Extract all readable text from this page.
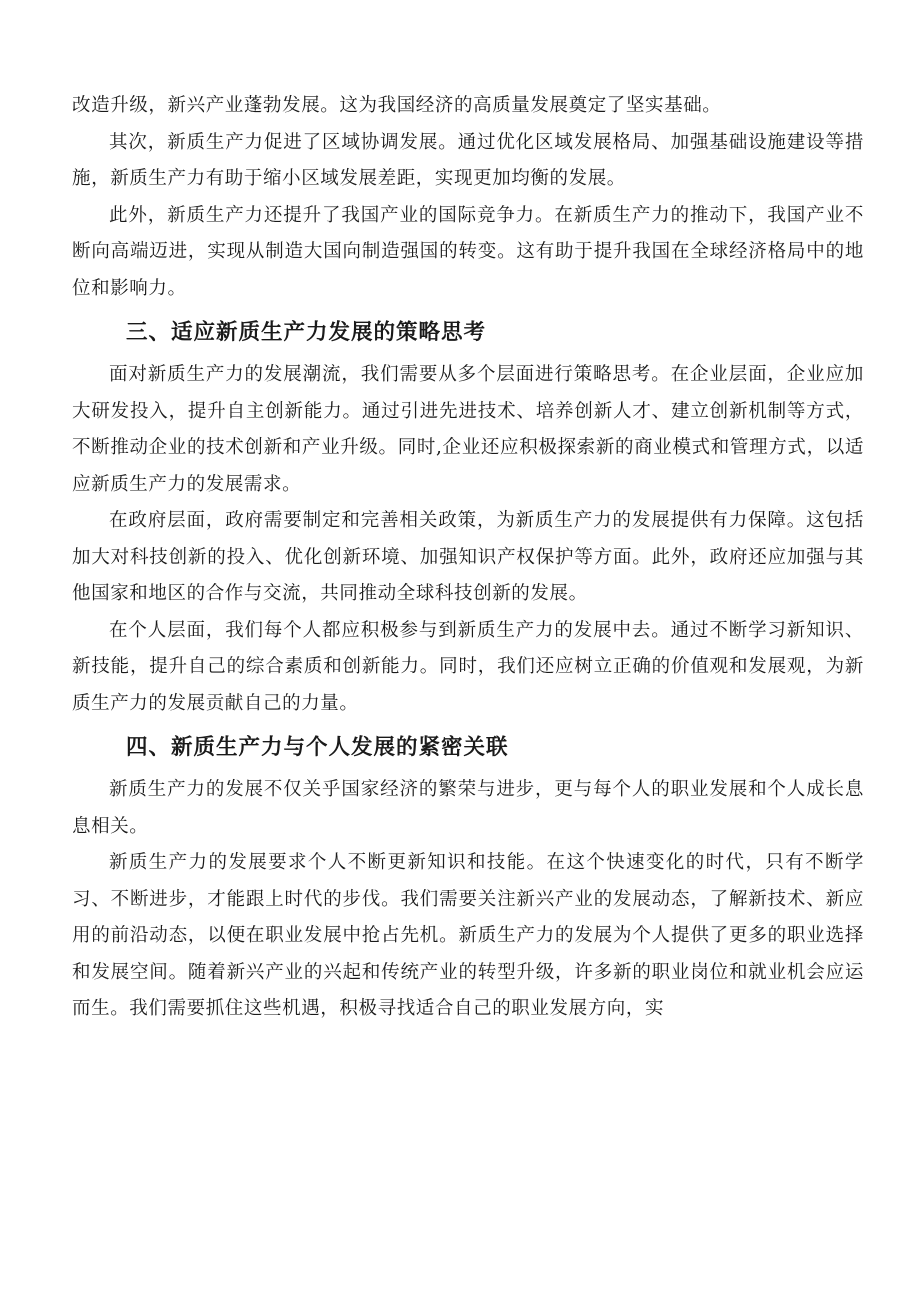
改造升级，新兴产业蓬勃发展。这为我国经济的高质量发展奠定了坚实基础。

其次，新质生产力促进了区域协调发展。通过优化区域发展格局、加强基础设施建设等措施，新质生产力有助于缩小区域发展差距，实现更加均衡的发展。

此外，新质生产力还提升了我国产业的国际竞争力。在新质生产力的推动下，我国产业不断向高端迈进，实现从制造大国向制造强国的转变。这有助于提升我国在全球经济格局中的地位和影响力。

三、适应新质生产力发展的策略思考

面对新质生产力的发展潮流，我们需要从多个层面进行策略思考。在企业层面，企业应加大研发投入，提升自主创新能力。通过引进先进技术、培养创新人才、建立创新机制等方式，不断推动企业的技术创新和产业升级。同时,企业还应积极探索新的商业模式和管理方式，以适应新质生产力的发展需求。

在政府层面，政府需要制定和完善相关政策，为新质生产力的发展提供有力保障。这包括加大对科技创新的投入、优化创新环境、加强知识产权保护等方面。此外，政府还应加强与其他国家和地区的合作与交流，共同推动全球科技创新的发展。

在个人层面，我们每个人都应积极参与到新质生产力的发展中去。通过不断学习新知识、新技能，提升自己的综合素质和创新能力。同时，我们还应树立正确的价值观和发展观，为新质生产力的发展贡献自己的力量。

四、新质生产力与个人发展的紧密关联

新质生产力的发展不仅关乎国家经济的繁荣与进步，更与每个人的职业发展和个人成长息息相关。

新质生产力的发展要求个人不断更新知识和技能。在这个快速变化的时代，只有不断学习、不断进步，才能跟上时代的步伐。我们需要关注新兴产业的发展动态，了解新技术、新应用的前沿动态，以便在职业发展中抢占先机。新质生产力的发展为个人提供了更多的职业选择和发展空间。随着新兴产业的兴起和传统产业的转型升级，许多新的职业岗位和就业机会应运而生。我们需要抓住这些机遇，积极寻找适合自己的职业发展方向，实
